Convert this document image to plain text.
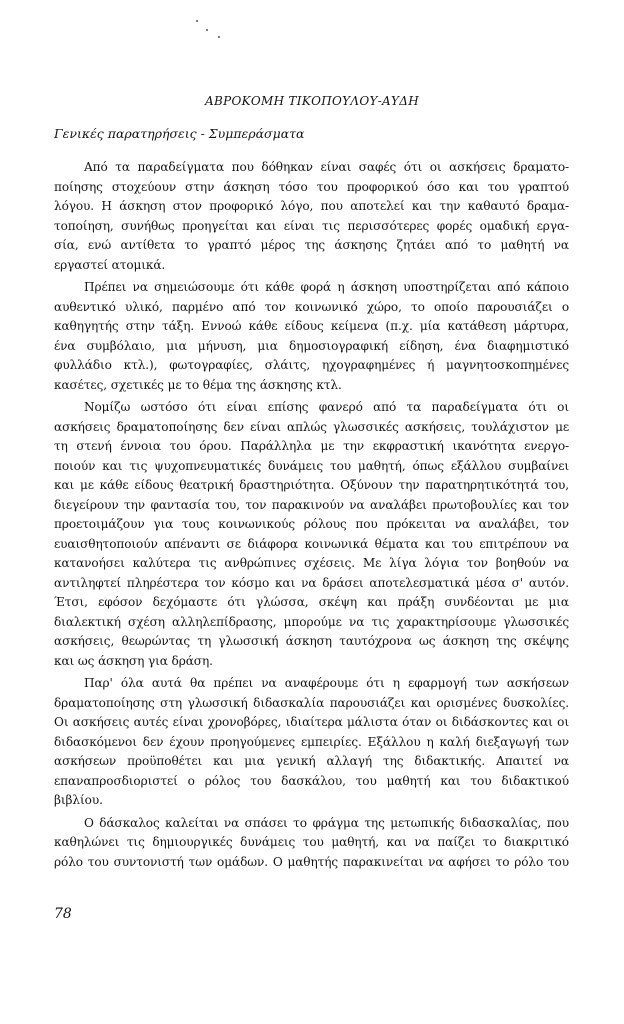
ΑΒΡΟΚΟΜΗ ΤΙΚΟΠΟΥΛΟΥ-ΑΥΔΗ
Γενικές παρατηρήσεις - Συμπεράσματα
Από τα παραδείγματα που δόθηκαν είναι σαφές ότι οι ασκήσεις δραματο-
ποίησης στοχεύουν στην άσκηση τόσο του προφορικού όσο και του γραπτού
λόγου. Η άσκηση στον προφορικό λόγο, που αποτελεί και την καθαυτό δραμα-
τοποίηση, συνήθως προηγείται και είναι τις περισσότερες φορές ομαδική εργα-
σία, ενώ αντίθετα το γραπτό μέρος της άσκησης ζητάει από το μαθητή να
εργαστεί ατομικά.
Πρέπει να σημειώσουμε ότι κάθε φορά η άσκηση υποστηρίζεται από κάποιο
αυθεντικό υλικό, παρμένο από τον κοινωνικό χώρο, το οποίο παρουσιάζει ο
καθηγητής στην τάξη. Εννοώ κάθε είδους κείμενα (π.χ. μία κατάθεση μάρτυρα,
ένα συμβόλαιο, μια μήνυση, μια δημοσιογραφική είδηση, ένα διαφημιστικό
φυλλάδιο κτλ.), φωτογραφίες, σλάιτς, ηχογραφημένες ή μαγνητοσκοπημένες
κασέτες, σχετικές με το θέμα της άσκησης κτλ.
Νομίζω ωστόσο ότι είναι επίσης φανερό από τα παραδείγματα ότι οι
ασκήσεις δραματοποίησης δεν είναι απλώς γλωσσικές ασκήσεις, τουλάχιστον με
τη στενή έννοια του όρου. Παράλληλα με την εκφραστική ικανότητα ενεργο-
ποιούν και τις ψυχοπνευματικές δυνάμεις του μαθητή, όπως εξάλλου συμβαίνει
και με κάθε είδους θεατρική δραστηριότητα. Οξύνουν την παρατηρητικότητά του,
διεγείρουν την φαντασία του, τον παρακινούν να αναλάβει πρωτοβουλίες και τον
προετοιμάζουν για τους κοινωνικούς ρόλους που πρόκειται να αναλάβει, τον
ευαισθητοποιούν απέναντι σε διάφορα κοινωνικά θέματα και του επιτρέπουν να
κατανοήσει καλύτερα τις ανθρώπινες σχέσεις. Με λίγα λόγια τον βοηθούν να
αντιληφτεί πληρέστερα τον κόσμο και να δράσει αποτελεσματικά μέσα σ' αυτόν.
Έτσι, εφόσον δεχόμαστε ότι γλώσσα, σκέψη και πράξη συνδέονται με μια
διαλεκτική σχέση αλληλεπίδρασης, μπορούμε να τις χαρακτηρίσουμε γλωσσικές
ασκήσεις, θεωρώντας τη γλωσσική άσκηση ταυτόχρονα ως άσκηση της σκέψης
και ως άσκηση για δράση.
Παρ' όλα αυτά θα πρέπει να αναφέρουμε ότι η εφαρμογή των ασκήσεων
δραματοποίησης στη γλωσσική διδασκαλία παρουσιάζει και ορισμένες δυσκολίες.
Οι ασκήσεις αυτές είναι χρονοβόρες, ιδιαίτερα μάλιστα όταν οι διδάσκοντες και οι
διδασκόμενοι δεν έχουν προηγούμενες εμπειρίες. Εξάλλου η καλή διεξαγωγή των
ασκήσεων προϋποθέτει και μια γενική αλλαγή της διδακτικής. Απαιτεί να
επαναπροσδιοριστεί ο ρόλος του δασκάλου, του μαθητή και του διδακτικού
βιβλίου.
Ο δάσκαλος καλείται να σπάσει το φράγμα της μετωπικής διδασκαλίας, που
καθηλώνει τις δημιουργικές δυνάμεις του μαθητή, και να παίζει το διακριτικό
ρόλο του συντονιστή των ομάδων. Ο μαθητής παρακινείται να αφήσει το ρόλο του
78
